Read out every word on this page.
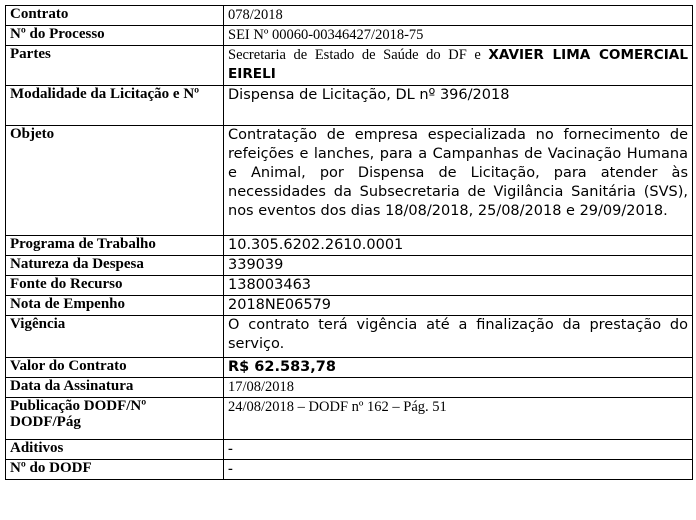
Contrato	078/2018
Nº do Processo	SEI Nº 00060-00346427/2018-75
Partes	Secretaria de Estado de Saúde do DF e XAVIER LIMA COMERCIAL EIRELI
Modalidade da Licitação e Nº	Dispensa de Licitação, DL nº 396/2018
Objeto	Contratação de empresa especializada no fornecimento de refeições e lanches, para a Campanhas de Vacinação Humana e Animal, por Dispensa de Licitação, para atender às necessidades da Subsecretaria de Vigilância Sanitária (SVS), nos eventos dos dias 18/08/2018, 25/08/2018 e 29/09/2018.
Programa de Trabalho	10.305.6202.2610.0001
Natureza da Despesa	339039
Fonte do Recurso	138003463
Nota de Empenho	2018NE06579
Vigência	O contrato terá vigência até a finalização da prestação do serviço.
Valor do Contrato	R$ 62.583,78
Data da Assinatura	17/08/2018
Publicação DODF/Nº DODF/Pág	24/08/2018 – DODF nº 162 – Pág. 51
Aditivos	-
Nº do DODF	-
